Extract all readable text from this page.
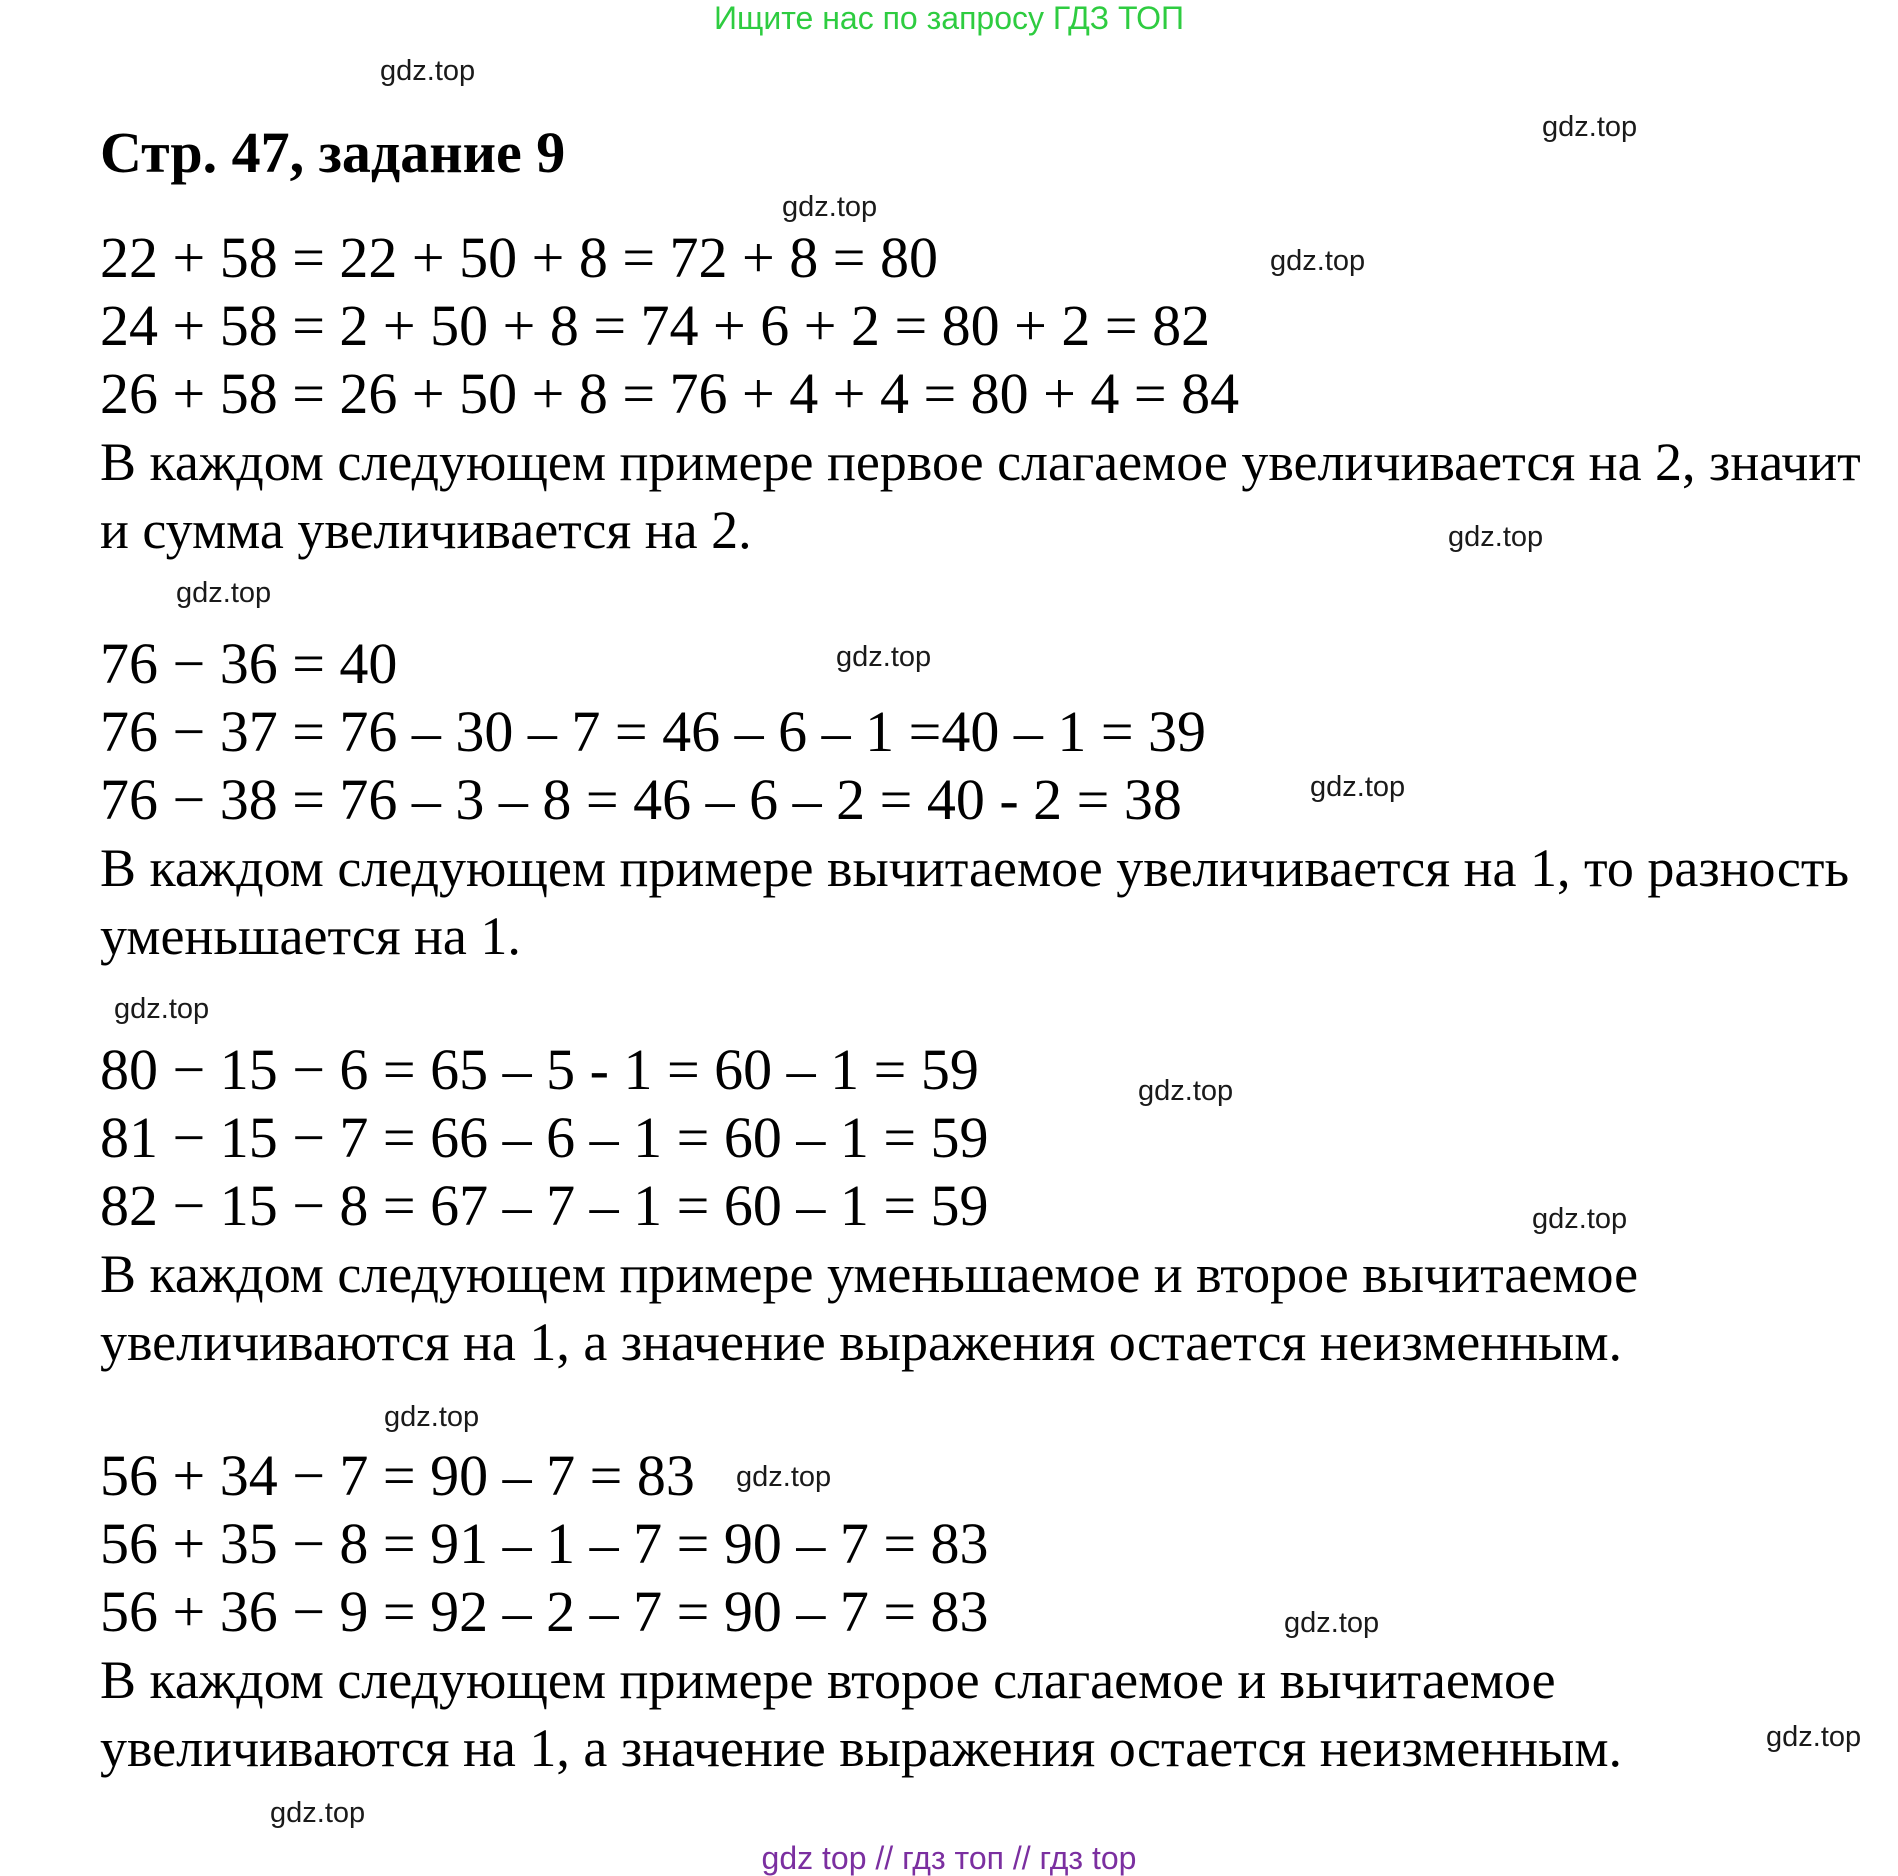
Ищите нас по запросу ГДЗ ТОП
Стр. 47, задание 9
22 + 58 = 22 + 50 + 8 = 72 + 8 = 80
24 + 58 = 2 + 50 + 8 = 74 + 6 + 2 = 80 + 2 = 82
26 + 58 = 26 + 50 + 8 = 76 + 4 + 4 = 80 + 4 = 84
В каждом следующем примере первое слагаемое увеличивается на 2, значит и сумма увеличивается на 2.
76 − 36 = 40
76 − 37 = 76 – 30 – 7 = 46 – 6 – 1 =40 – 1 = 39
76 − 38 = 76 – 3 – 8 = 46 – 6 – 2 = 40 - 2 = 38
В каждом следующем примере вычитаемое увеличивается на 1, то разность уменьшается на 1.
80 − 15 − 6 = 65 – 5 - 1 = 60 – 1 = 59
81 − 15 − 7 = 66 – 6 – 1 = 60 – 1 = 59
82 − 15 − 8 = 67 – 7 – 1 = 60 – 1 = 59
В каждом следующем примере уменьшаемое и второе вычитаемое увеличиваются на 1, а значение выражения остается неизменным.
56 + 34 − 7 = 90 – 7 = 83
56 + 35 − 8 = 91 – 1 – 7 = 90 – 7 = 83
56 + 36 − 9 = 92 – 2 – 7 = 90 – 7 = 83
В каждом следующем примере второе слагаемое и вычитаемое увеличиваются на 1, а значение выражения остается неизменным.
gdz.top
gdz.top
gdz.top
gdz.top
gdz.top
gdz.top
gdz.top
gdz.top
gdz.top
gdz.top
gdz.top
gdz.top
gdz.top
gdz.top
gdz.top
gdz.top
gdz top // гдз топ // гдз top
